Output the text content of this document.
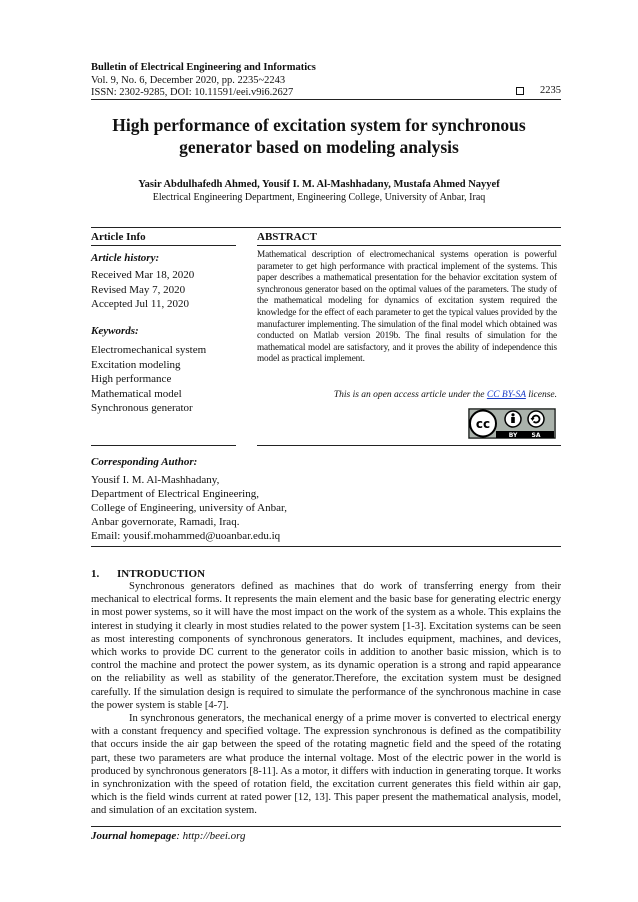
Bulletin of Electrical Engineering and Informatics
Vol. 9, No. 6, December 2020, pp. 2235~2243
ISSN: 2302-9285, DOI: 10.11591/eei.v9i6.2627	2235
High performance of excitation system for synchronous
generator based on modeling analysis
Yasir Abdulhafedh Ahmed, Yousif I. M. Al-Mashhadany, Mustafa Ahmed Nayyef
Electrical Engineering Department, Engineering College, University of Anbar, Iraq
Article Info	ABSTRACT
Article history:
Received Mar 18, 2020
Revised May 7, 2020
Accepted Jul 11, 2020
Keywords:
Electromechanical system
Excitation modeling
High performance
Mathematical model
Synchronous generator
Mathematical description of electromechanical systems operation is powerful parameter to get high performance with practical implement of the systems. This paper describes a mathematical presentation for the behavior excitation system of synchronous generator based on the optimal values of the parameters. The study of the mathematical modeling for dynamics of excitation system required the knowledge for the effect of each parameter to get the typical values provided by the manufacturer implementing. The simulation of the final model which obtained was conducted on Matlab version 2019b. The final results of simulation for the mathematical model are satisfactory, and it proves the ability of independence this model as practical implement.
This is an open access article under the CC BY-SA license.
cc
BY SA
Corresponding Author:
Yousif I. M. Al-Mashhadany,
Department of Electrical Engineering,
College of Engineering, university of Anbar,
Anbar governorate, Ramadi, Iraq.
Email: yousif.mohammed@uoanbar.edu.iq
1. INTRODUCTION

Synchronous generators defined as machines that do work of transferring energy from their mechanical to electrical forms. It represents the main element and the basic base for generating electric energy in most power systems, so it will have the most impact on the work of the system as a whole. This explains the interest in studying it clearly in most studies related to the power system [1-3]. Excitation systems can be seen as most interesting components of synchronous generators. It includes equipment, machines, and devices, which works to provide DC current to the generator coils in addition to another basic mission, which is to control the machine and protect the power system, as its dynamic operation is a strong and rapid appearance on the reliability as well as stability of the generator.Therefore, the excitation system must be designed carefully. If the simulation design is required to simulate the performance of the synchronous machine in case the power system is stable [4-7].

In synchronous generators, the mechanical energy of a prime mover is converted to electrical energy with a constant frequency and specified voltage. The expression synchronous is defined as the compatibility that occurs inside the air gap between the speed of the rotating magnetic field and the speed of the rotating part, these two parameters are what produce the internal voltage. Most of the electric power in the world is produced by synchronous generators [8-11]. As a motor, it differs with induction in generating torque. It works in synchronization with the speed of rotation field, the excitation current generates this field within air gap, which is the field winds current at rated power [12, 13]. This paper present the mathematical analysis, model, and simulation of an excitation system.

Journal homepage: http://beei.org
